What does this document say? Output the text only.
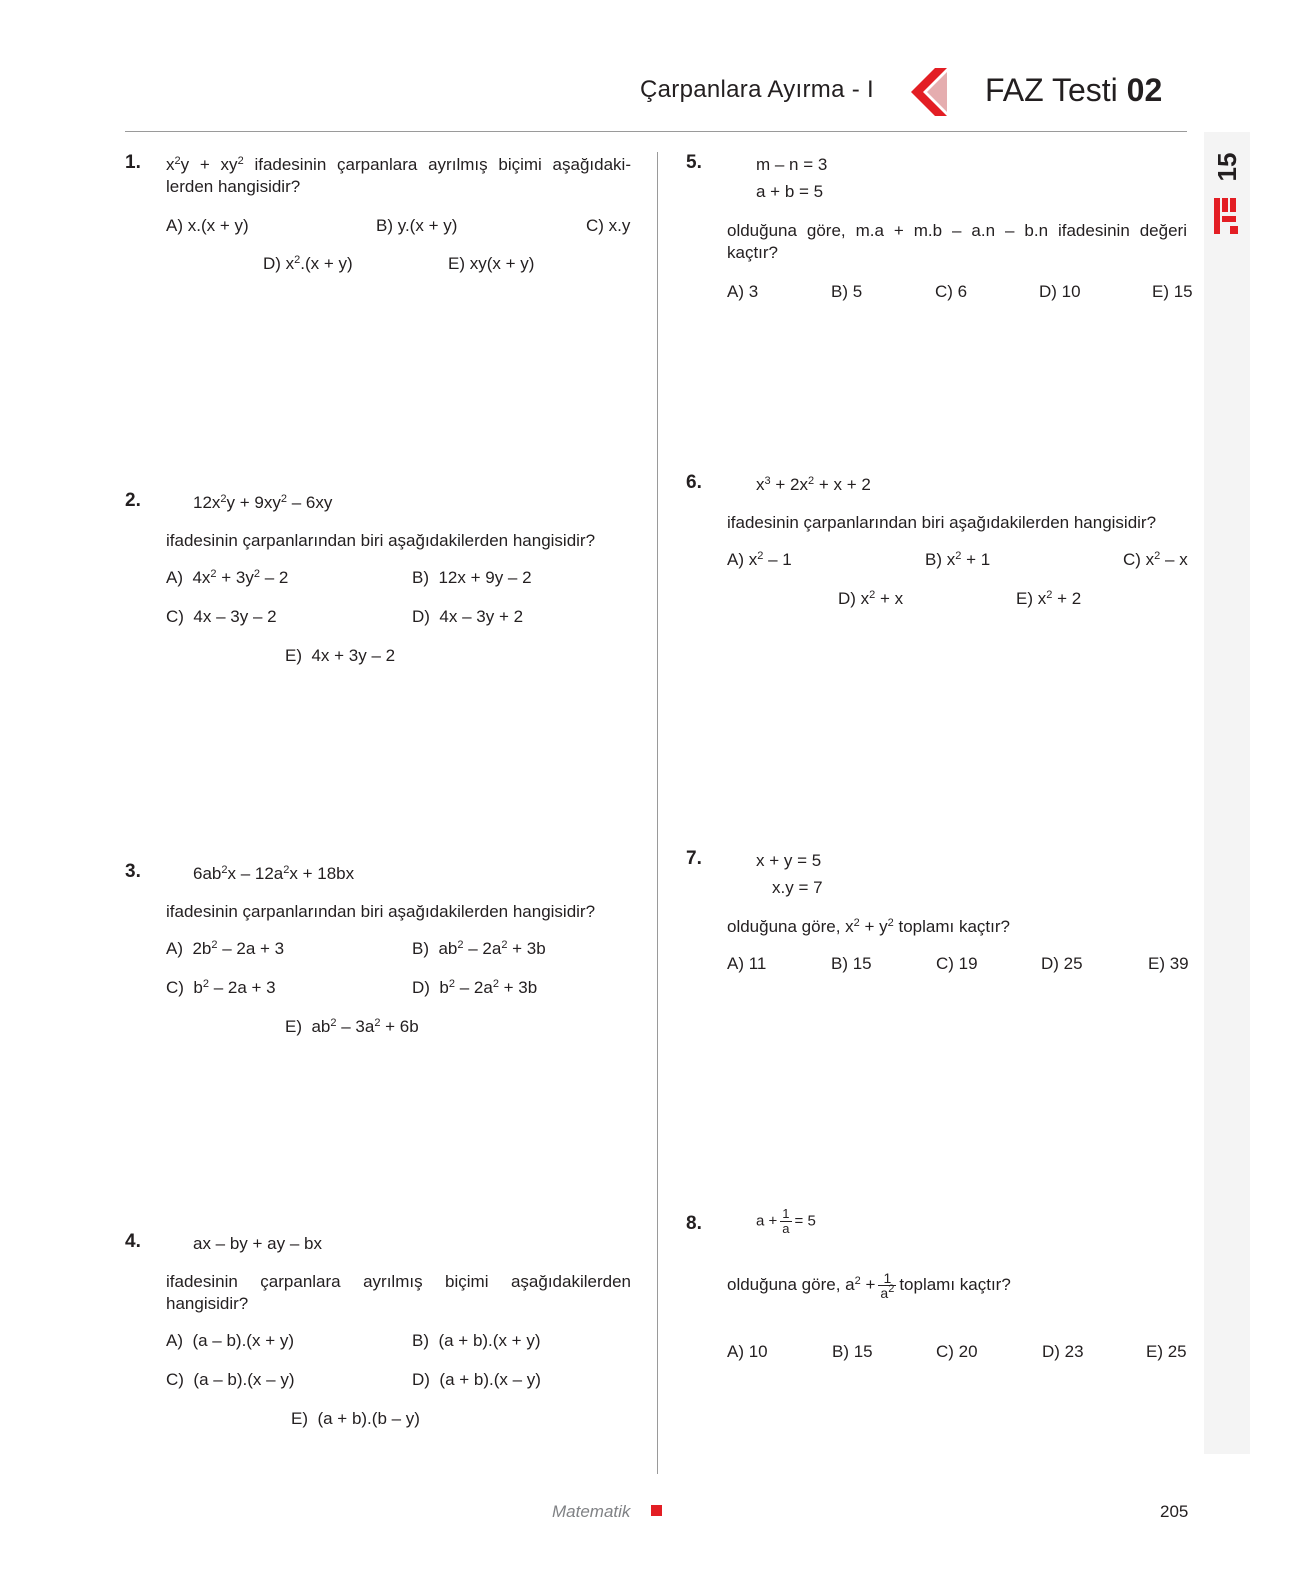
Çarpanlara Ayırma - I	FAZ Testi 02
15
1. $x^2y + xy^2$ ifadesinin çarpanlara ayrılmış biçimi aşağıdaki-
lerden hangisidir?
A) x.(x + y)	B) y.(x + y)	C) x.y
D) $x^2.(x + y)$	E) xy(x + y)
2.	$12x^2y + 9xy^2 - 6xy$
ifadesinin çarpanlarından biri aşağıdakilerden hangisidir?
A) $4x^2 + 3y^2 - 2$	B) 12x + 9y – 2
C) 4x – 3y – 2	D) 4x – 3y + 2
E) 4x + 3y – 2
3.	$6ab^2x - 12a^2x + 18bx$
ifadesinin çarpanlarından biri aşağıdakilerden hangisidir?
A) $2b^2 - 2a + 3$	B) $ab^2 - 2a^2 + 3b$
C) $b^2 - 2a + 3$	D) $b^2 - 2a^2 + 3b$
E) $ab^2 - 3a^2 + 6b$
4.	ax – by + ay – bx
ifadesinin çarpanlara ayrılmış biçimi aşağıdakilerden
hangisidir?
A) (a – b).(x + y)	B) (a + b).(x + y)
C) (a – b).(x – y)	D) (a + b).(x – y)
E) (a + b).(b – y)
5.	m – n = 3
a + b = 5
olduğuna göre, m.a + m.b – a.n – b.n ifadesinin değeri
kaçtır?
A) 3	B) 5	C) 6	D) 10	E) 15
6.	$x^3 + 2x^2 + x + 2$
ifadesinin çarpanlarından biri aşağıdakilerden hangisidir?
A) $x^2 - 1$	B) $x^2 + 1$	C) $x^2$ – x
D) $x^2 + x$	E) $x^2 + 2$
7.	x + y = 5
x.y = 7
olduğuna göre, $x^2 + y^2$ toplamı kaçtır?
A) 11	B) 15	C) 19	D) 25	E) 39
8.	$a + \frac{1}{a} = 5$
olduğuna göre, $a^2 + \frac{1}{a^2}$ toplamı kaçtır?
A) 10	B) 15	C) 20	D) 23	E) 25
Matematik	205
